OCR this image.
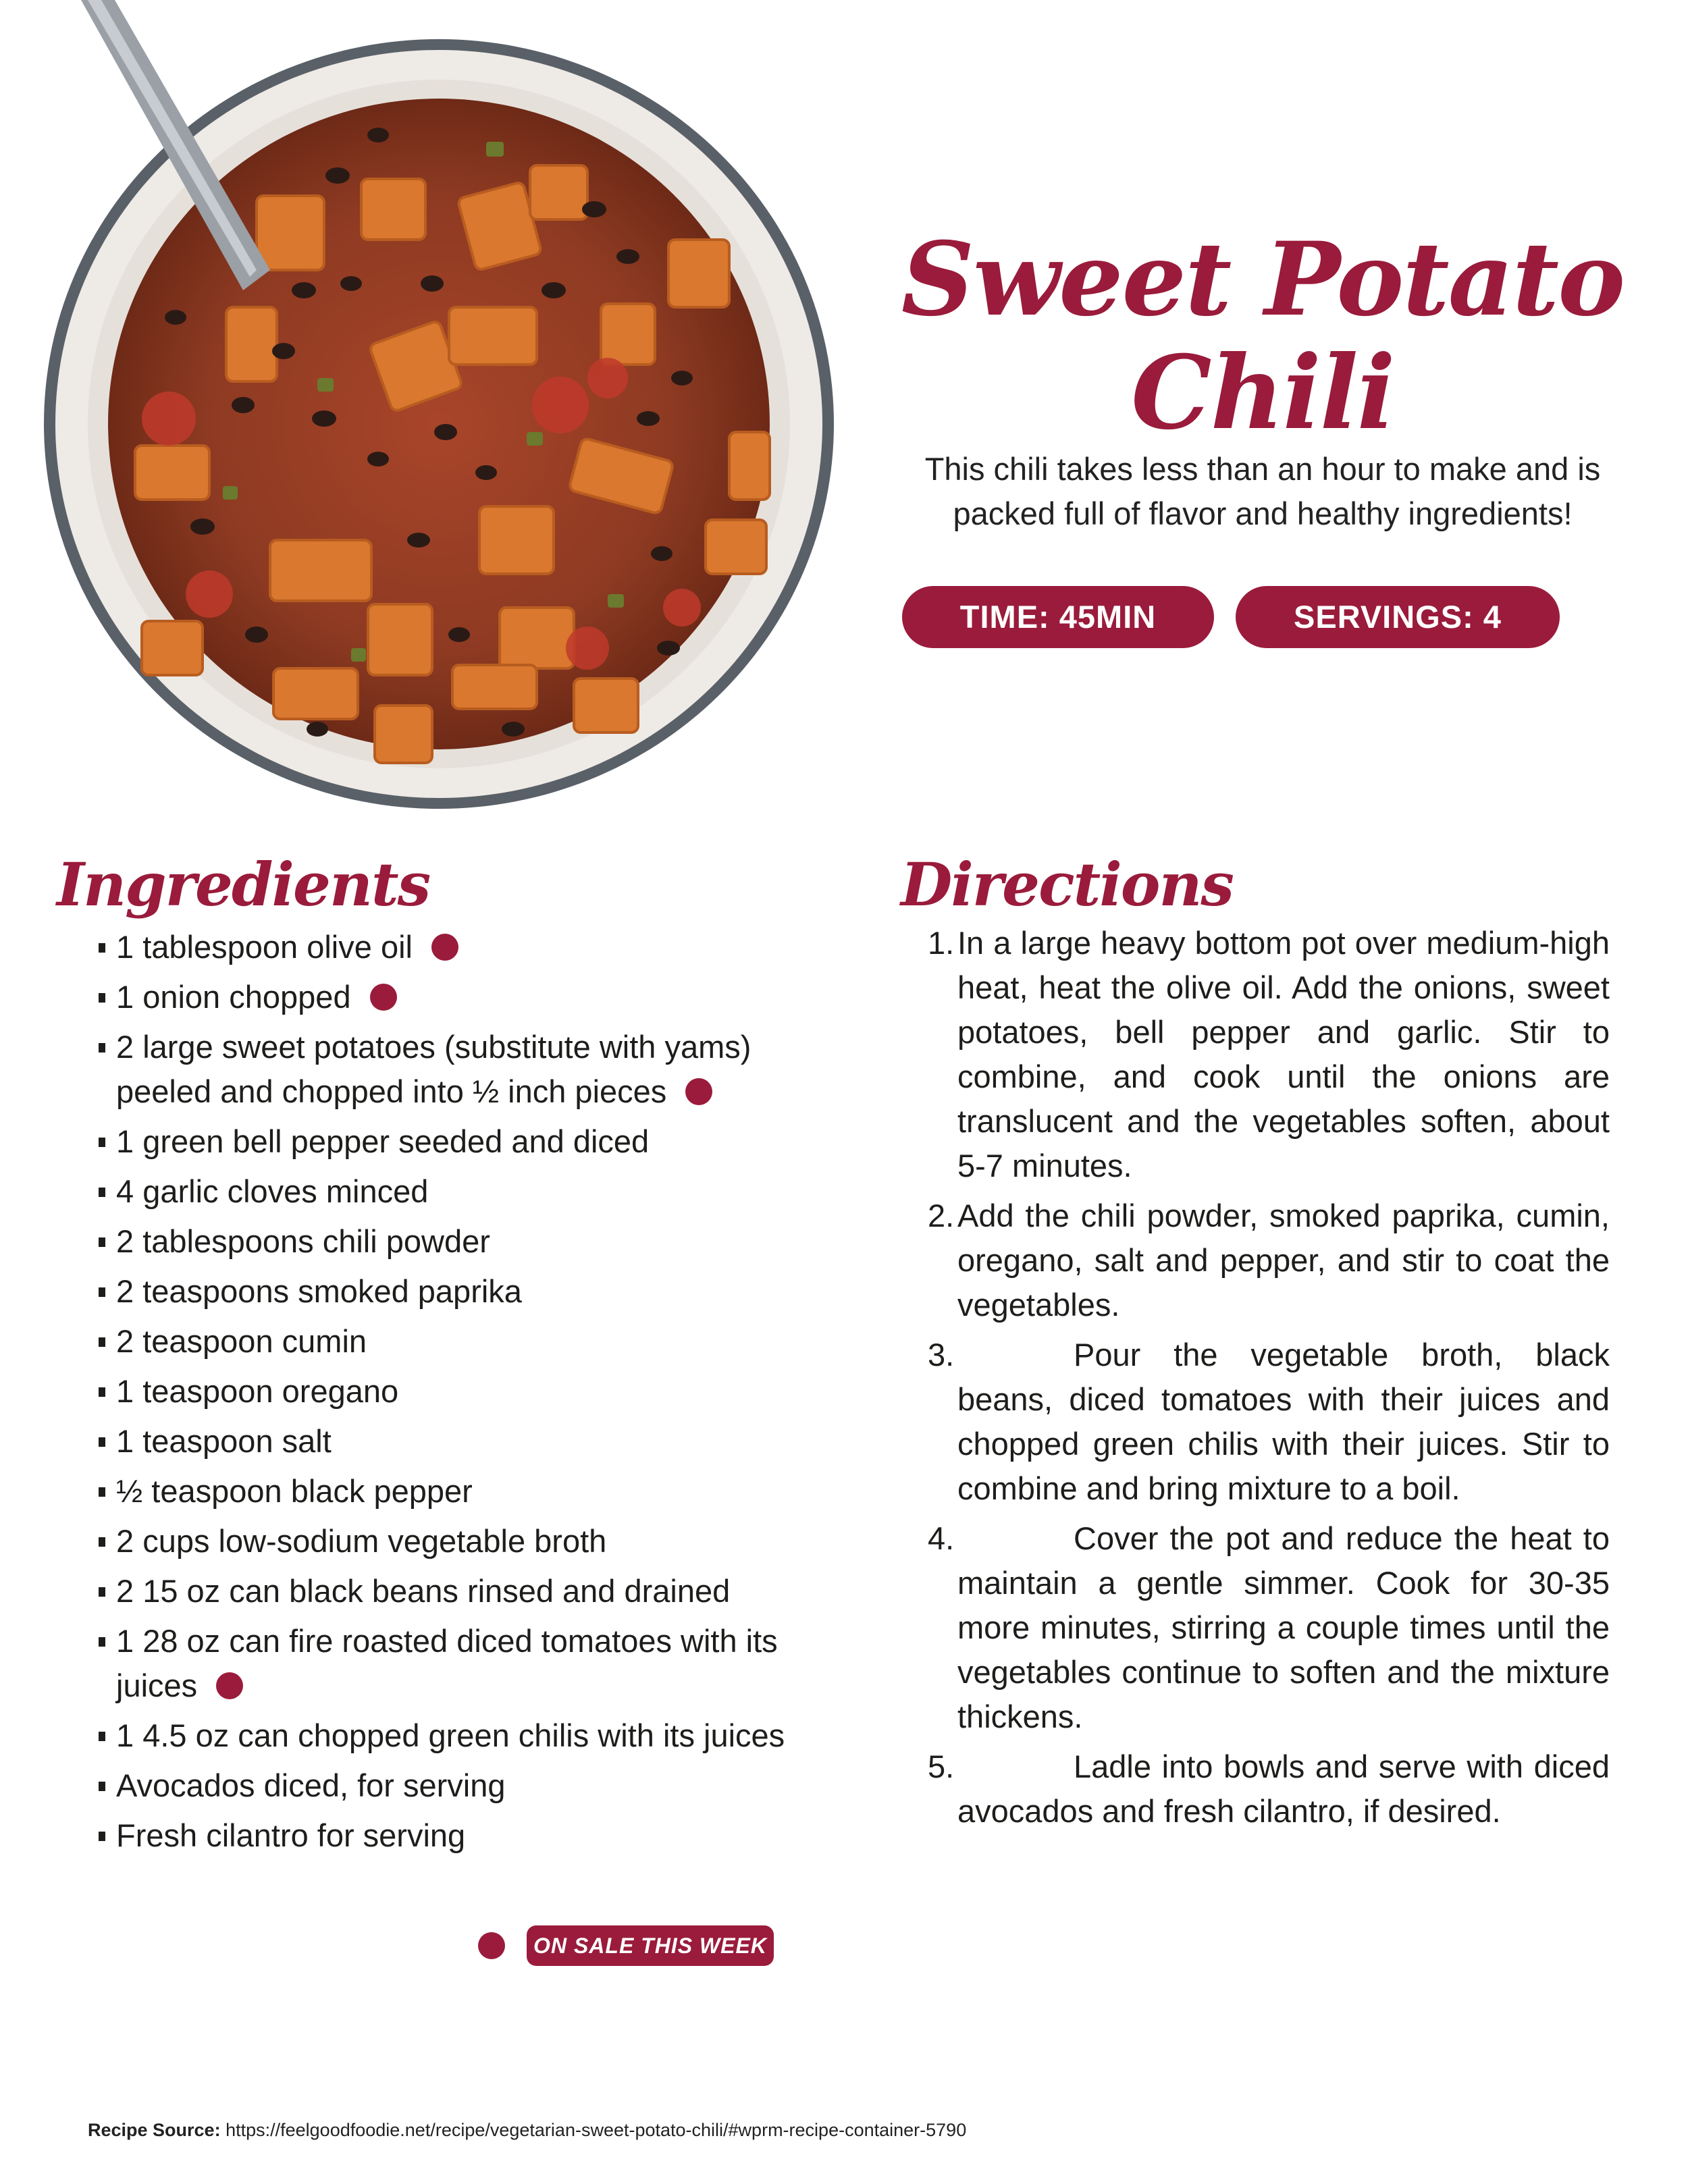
Sweet Potato
Chili
This chili takes less than an hour to make and is packed full of flavor and healthy ingredients!
TIME: 45MIN	SERVINGS: 4
Ingredients	Directions
1 tablespoon olive oil
1 onion chopped
2 large sweet potatoes (substitute with yams) peeled and chopped into ½ inch pieces
1 green bell pepper seeded and diced
4 garlic cloves minced
2 tablespoons chili powder
2 teaspoons smoked paprika
2 teaspoon cumin
1 teaspoon oregano
1 teaspoon salt
½ teaspoon black pepper
2 cups low-sodium vegetable broth
2 15 oz can black beans rinsed and drained
1 28 oz can fire roasted diced tomatoes with its juices
1 4.5 oz can chopped green chilis with its juices
Avocados diced, for serving
Fresh cilantro for serving
1. In a large heavy bottom pot over medium-high heat, heat the olive oil. Add the onions, sweet potatoes, bell pepper and garlic. Stir to combine, and cook until the onions are translucent and the vegetables soften, about 5-7 minutes.
2. Add the chili powder, smoked paprika, cumin, oregano, salt and pepper, and stir to coat the vegetables.
3.	Pour the vegetable broth, black beans, diced tomatoes with their juices and chopped green chilis with their juices. Stir to combine and bring mixture to a boil.
4.	Cover the pot and reduce the heat to maintain a gentle simmer. Cook for 30-35 more minutes, stirring a couple times until the vegetables continue to soften and the mixture thickens.
5.	Ladle into bowls and serve with diced avocados and fresh cilantro, if desired.
ON SALE THIS WEEK
Recipe Source: https://feelgoodfoodie.net/recipe/vegetarian-sweet-potato-chili/#wprm-recipe-container-5790
